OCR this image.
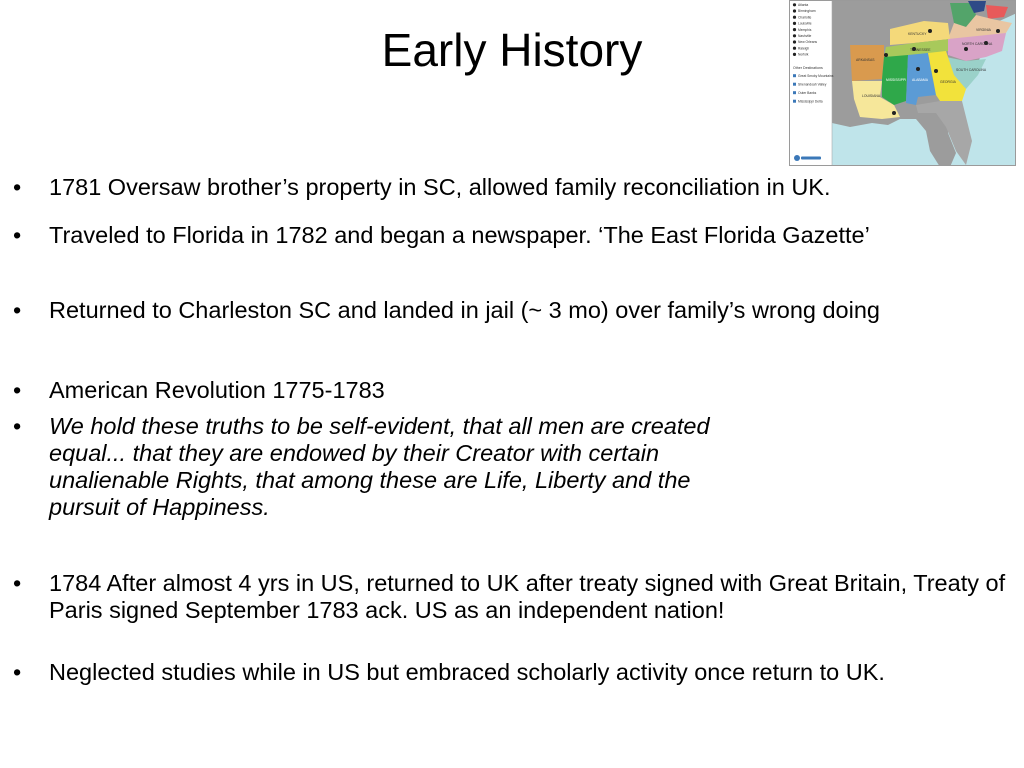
Early History	KENTUCKY
VIRGINIA
TENNESSEE
NORTH CAROLINA
SOUTH CAROLINA
ARKANSAS
MISSISSIPPI ALABAMA	GEORGIA
LOUISIANA
Atlanta
Birmingham
Charlotte
Louisville
Memphis
Nashville
New Orleans
Raleigh
Norfolk
Other Destinations
Great Smoky Mountains
Shenandoah Valley
Outer Banks
Mississippi Delta
•	1781 Oversaw brother’s property in SC, allowed family reconciliation in UK.
•	Traveled to Florida in 1782 and began a newspaper. ‘The East Florida Gazette’
•	Returned to Charleston SC and landed in jail (~ 3 mo) over family’s wrong doing
•	American Revolution 1775-1783
•	We hold these truths to be self-evident, that all men are created equal... that they are endowed by their Creator with certain unalienable Rights, that among these are Life, Liberty and the pursuit of Happiness.
•	1784 After almost 4 yrs in US, returned to UK after treaty signed with Great Britain, Treaty of Paris signed September 1783 ack. US as an independent nation!
•	Neglected studies while in US but embraced scholarly activity once return to UK.
